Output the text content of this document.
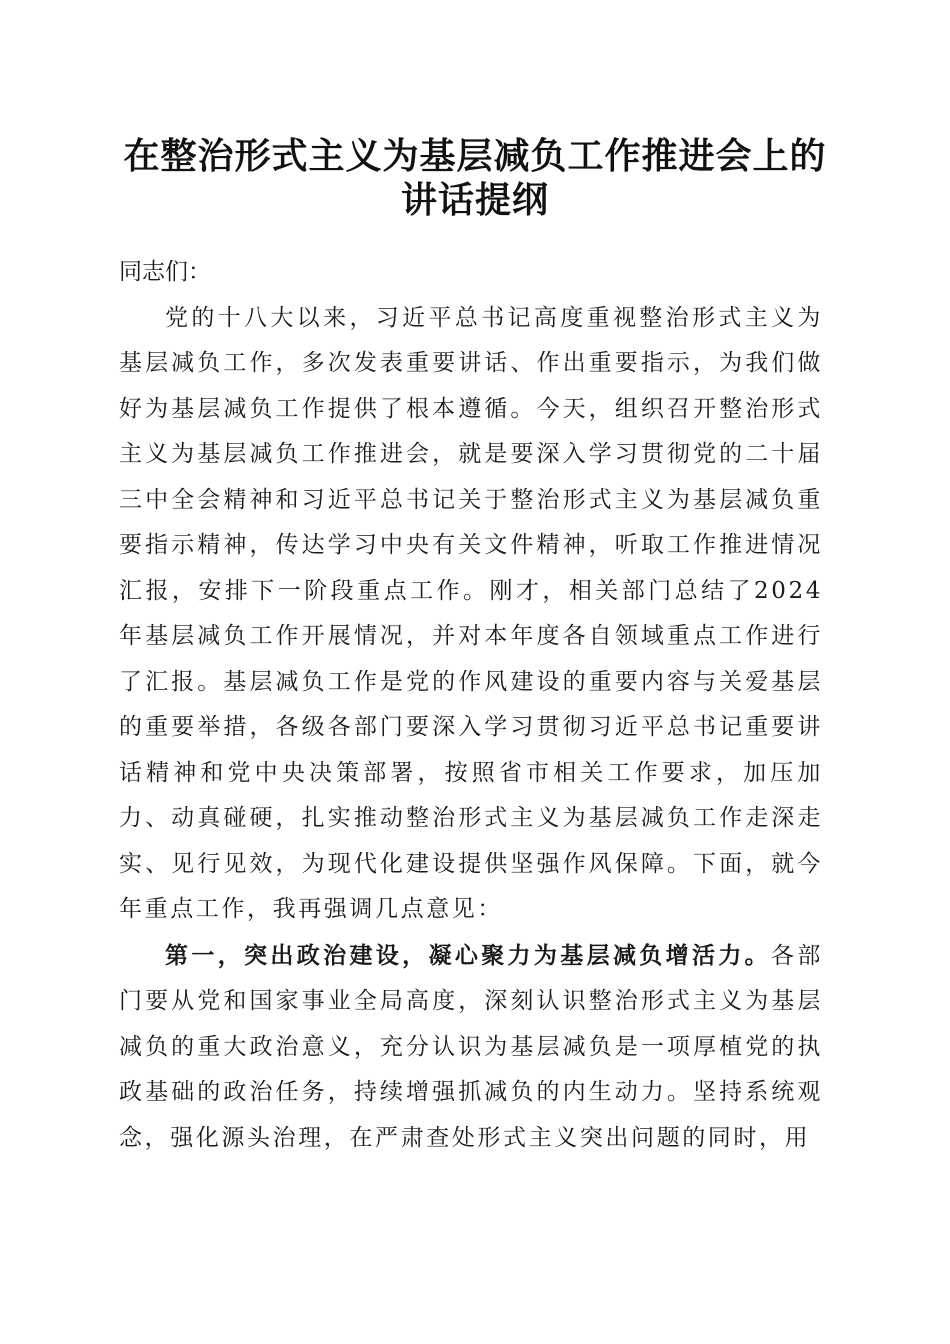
在整治形式主义为基层减负工作推进会上的讲话提纲

同志们：

党的十八大以来，习近平总书记高度重视整治形式主义为基层减负工作，多次发表重要讲话、作出重要指示，为我们做好为基层减负工作提供了根本遵循。今天，组织召开整治形式主义为基层减负工作推进会，就是要深入学习贯彻党的二十届三中全会精神和习近平总书记关于整治形式主义为基层减负重要指示精神，传达学习中央有关文件精神，听取工作推进情况汇报，安排下一阶段重点工作。刚才，相关部门总结了2024年基层减负工作开展情况，并对本年度各自领域重点工作进行了汇报。基层减负工作是党的作风建设的重要内容与关爱基层的重要举措，各级各部门要深入学习贯彻习近平总书记重要讲话精神和党中央决策部署，按照省市相关工作要求，加压加力、动真碰硬，扎实推动整治形式主义为基层减负工作走深走实、见行见效，为现代化建设提供坚强作风保障。下面，就今年重点工作，我再强调几点意见：

第一，突出政治建设，凝心聚力为基层减负增活力。各部门要从党和国家事业全局高度，深刻认识整治形式主义为基层减负的重大政治意义，充分认识为基层减负是一项厚植党的执政基础的政治任务，持续增强抓减负的内生动力。坚持系统观念，强化源头治理，在严肃查处形式主义突出问题的同时，用
